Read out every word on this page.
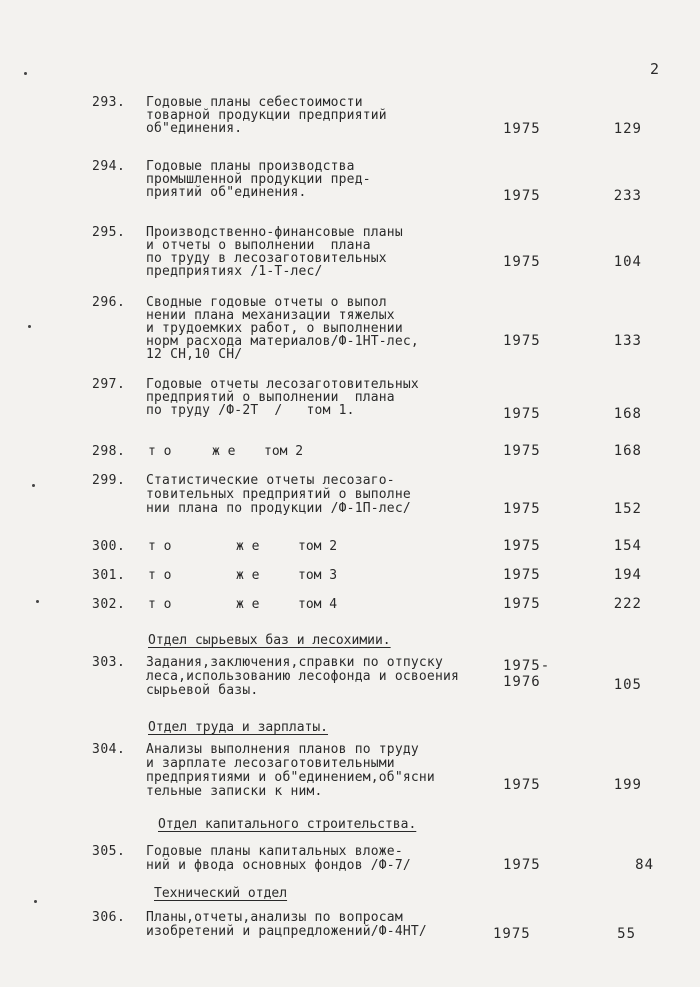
2
293. Годовые планы себестоимости
товарной продукции предприятий
об"единения.	1975	129
294. Годовые планы производства
промышленной продукции пред-
приятий об"единения.	1975	233
295. Производственно-финансовые планы
и отчеты о выполнении  плана
по труду в лесозаготовительных
предприятиях /1-Т-лес/
1975	104
296. Сводные годовые отчеты о выпол
нении плана механизации тяжелых
и трудоемких работ, о выполнении
норм расхода материалов/Ф-1НТ-лес,
12 СН,10 СН/
1975	133
297. Годовые отчеты лесозаготовительных
предприятий о выполнении  плана
по труду /Ф-2Т  /   том 1.	1975	168
298. т о	ж е том 2	1975	168
299. Статистические отчеты лесозаго-
товительных предприятий о выполне
нии плана по продукции /Ф-1П-лес/	1975	152
300. т о	ж е	том 2	1975	154
301. т о	ж е	том 3	1975	194
302. т о	ж е	том 4	1975	222
Отдел сырьевых баз и лесохимии.
303. Задания,заключения,справки по отпуску
леса,использованию лесофонда и освоения
сырьевой базы.
1975-
1976	105
Отдел труда и зарплаты.
304. Анализы выполнения планов по труду
и зарплате лесозаготовительными
предприятиями и об"единением,об"ясни
тельные записки к ним.	1975	199
Отдел капитального строительства.
305. Годовые планы капитальных вложе-
ний и фвода основных фондов /Ф-7/	1975	84
Технический отдел
306. Планы,отчеты,анализы по вопросам
изобретений и рацпредложений/Ф-4НТ/	1975	55
